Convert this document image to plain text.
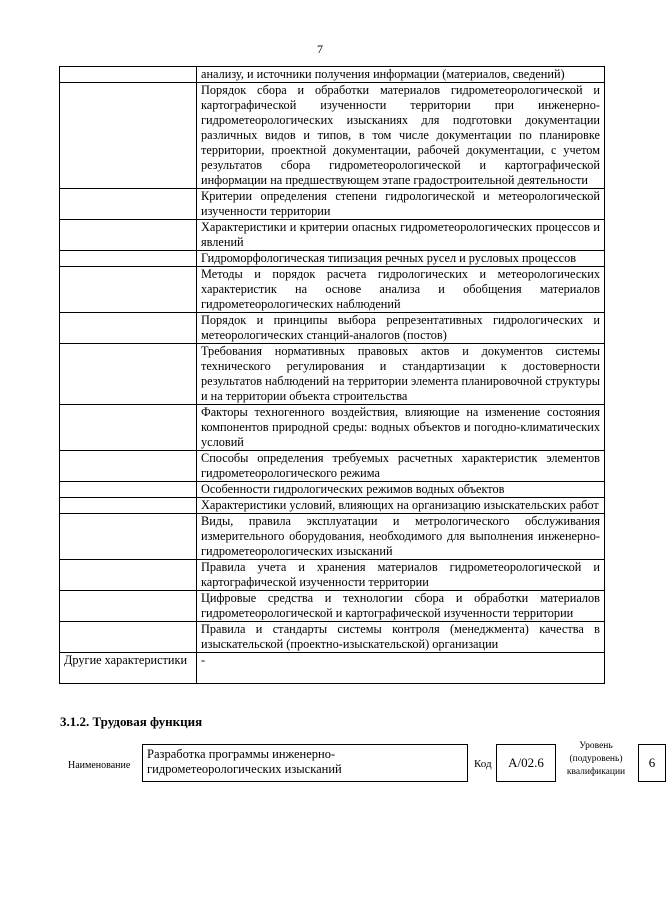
7
	анализу, и источники получения информации (материалов, сведений)
	Порядок сбора и обработки материалов гидрометеорологической и картографической изученности территории при инженерно-гидрометеорологических изысканиях для подготовки документации различных видов и типов, в том числе документации по планировке территории, проектной документации, рабочей документации, с учетом результатов сбора гидрометеорологической и картографической информации на предшествующем этапе градостроительной деятельности
	Критерии определения степени гидрологической и метеорологической изученности территории
	Характеристики и критерии опасных гидрометеорологических процессов и явлений
	Гидроморфологическая типизация речных русел и русловых процессов
	Методы и порядок расчета гидрологических и метеорологических характеристик на основе анализа и обобщения материалов гидрометеорологических наблюдений
	Порядок и принципы выбора репрезентативных гидрологических и метеорологических станций-аналогов (постов)
	Требования нормативных правовых актов и документов системы технического регулирования и стандартизации к достоверности результатов наблюдений на территории элемента планировочной структуры и на территории объекта строительства
	Факторы техногенного воздействия, влияющие на изменение состояния компонентов природной среды: водных объектов и погодно-климатических условий
	Способы определения требуемых расчетных характеристик элементов гидрометеорологического режима
	Особенности гидрологических режимов водных объектов
	Характеристики условий, влияющих на организацию изыскательских работ
	Виды, правила эксплуатации и метрологического обслуживания измерительного оборудования, необходимого для выполнения инженерно-гидрометеорологических изысканий
	Правила учета и хранения материалов гидрометеорологической и картографической изученности территории
	Цифровые средства и технологии сбора и обработки материалов гидрометеорологической и картографической изученности территории
	Правила и стандарты системы контроля (менеджмента) качества в изыскательской (проектно-изыскательской) организации
Другие характеристики	-
3.1.2. Трудовая функция
Наименование
Разработка программы инженерно-гидрометеорологических изысканий	Код	А/02.6
Уровень (подуровень) квалификации
6
